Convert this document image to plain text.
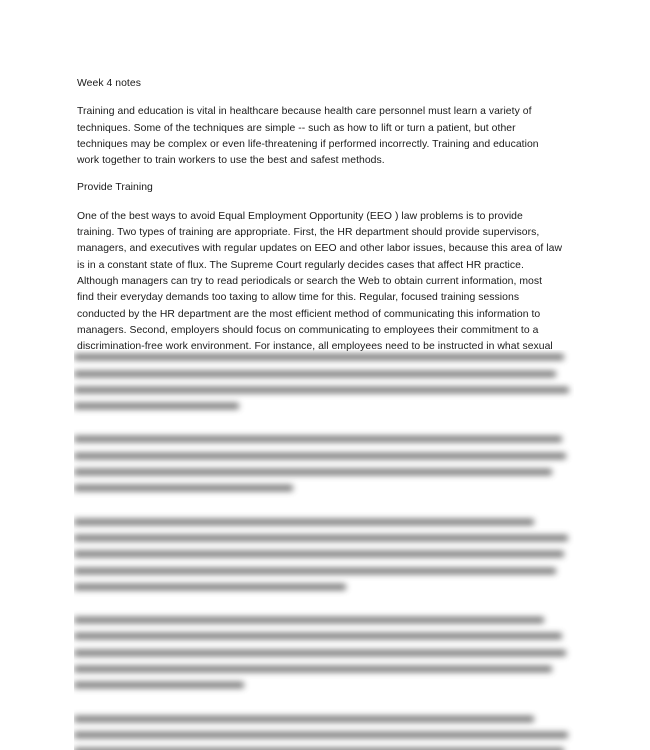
Week 4 notes
Training and education is vital in healthcare because health care personnel must learn a variety of
techniques. Some of the techniques are simple -- such as how to lift or turn a patient, but other
techniques may be complex or even life-threatening if performed incorrectly. Training and education
work together to train workers to use the best and safest methods.
Provide Training
One of the best ways to avoid Equal Employment Opportunity (EEO ) law problems is to provide
training. Two types of training are appropriate. First, the HR department should provide supervisors,
managers, and executives with regular updates on EEO and other labor issues, because this area of law
is in a constant state of flux. The Supreme Court regularly decides cases that affect HR practice.
Although managers can try to read periodicals or search the Web to obtain current information, most
find their everyday demands too taxing to allow time for this. Regular, focused training sessions
conducted by the HR department are the most efficient method of communicating this information to
managers. Second, employers should focus on communicating to employees their commitment to a
discrimination-free work environment. For instance, all employees need to be instructed in what sexual
